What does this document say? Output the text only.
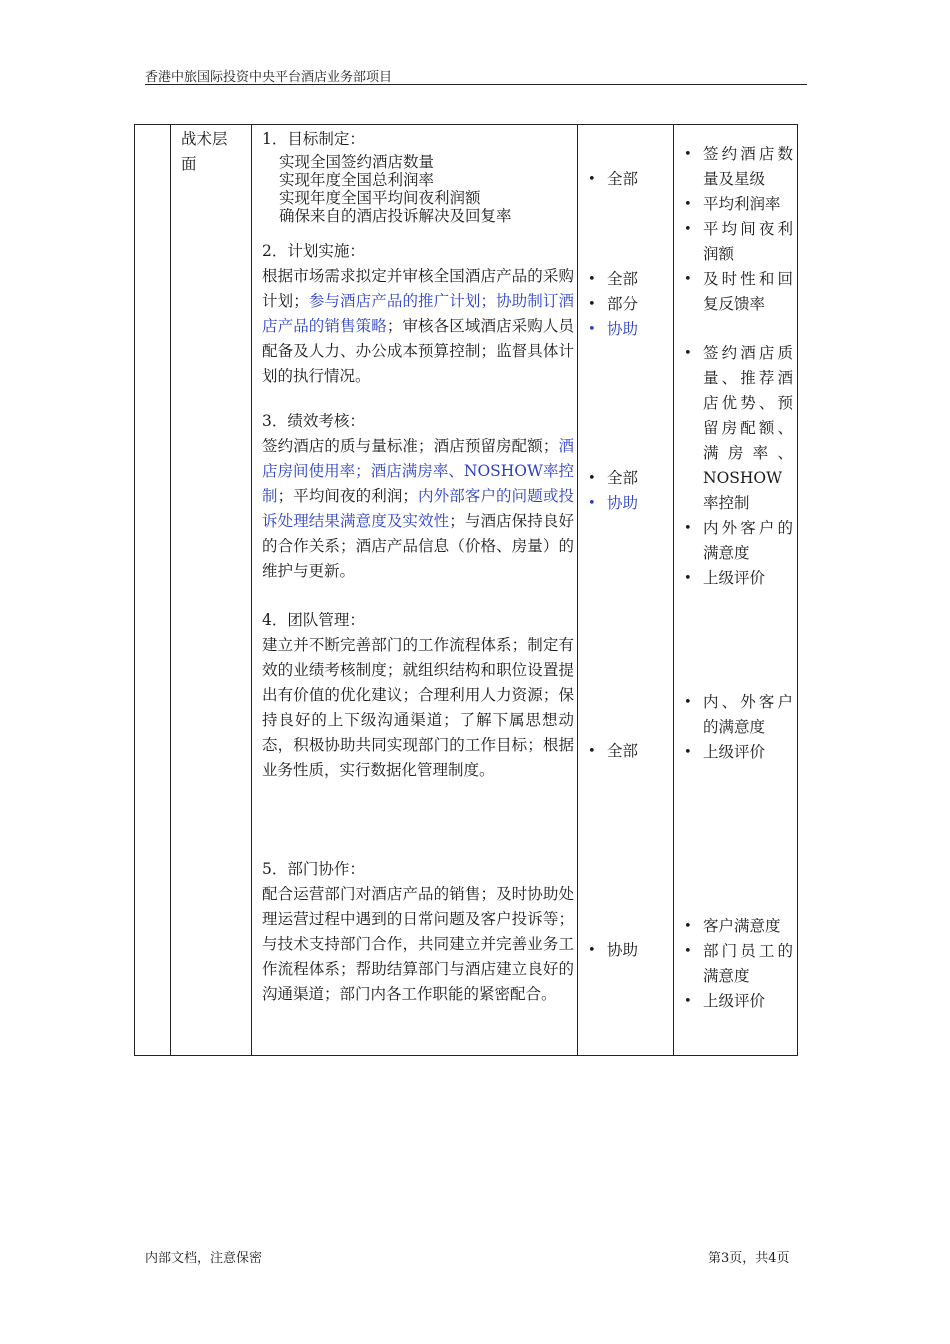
香港中旅国际投资中央平台酒店业务部项目
战术层面
1．目标制定：
实现全国签约酒店数量
实现年度全国总利润率
实现年度全国平均间夜利润额
确保来自的酒店投诉解决及回复率
2．计划实施：
根据市场需求拟定并审核全国酒店产品的采购计划；参与酒店产品的推广计划；协助制订酒店产品的销售策略；审核各区域酒店采购人员配备及人力、办公成本预算控制；监督具体计划的执行情况。
3．绩效考核：
签约酒店的质与量标准；酒店预留房配额；酒店房间使用率；酒店满房率、NOSHOW率控制；平均间夜的利润；内外部客户的问题或投诉处理结果满意度及实效性；与酒店保持良好的合作关系；酒店产品信息（价格、房量）的维护与更新。
4．团队管理：
建立并不断完善部门的工作流程体系；制定有效的业绩考核制度；就组织结构和职位设置提出有价值的优化建议；合理利用人力资源；保持良好的上下级沟通渠道；了解下属思想动态，积极协助共同实现部门的工作目标；根据业务性质，实行数据化管理制度。
5．部门协作：
配合运营部门对酒店产品的销售；及时协助处理运营过程中遇到的日常问题及客户投诉等；与技术支持部门合作，共同建立并完善业务工作流程体系；帮助结算部门与酒店建立良好的沟通渠道；部门内各工作职能的紧密配合。
• 全部
• 全部
• 部分
• 协助
• 全部
• 协助
• 全部
• 协助
• 签约酒店数量及星级
• 平均利润率
• 平均间夜利润额
• 及时性和回复反馈率
• 签约酒店质量、推荐酒店优势、预留房配额、满房率、NOSHOW率控制
• 内外客户的满意度
• 上级评价
• 内、外客户的满意度
• 上级评价
• 客户满意度
• 部门员工的满意度
• 上级评价
内部文档，注意保密	第3页，共4页
